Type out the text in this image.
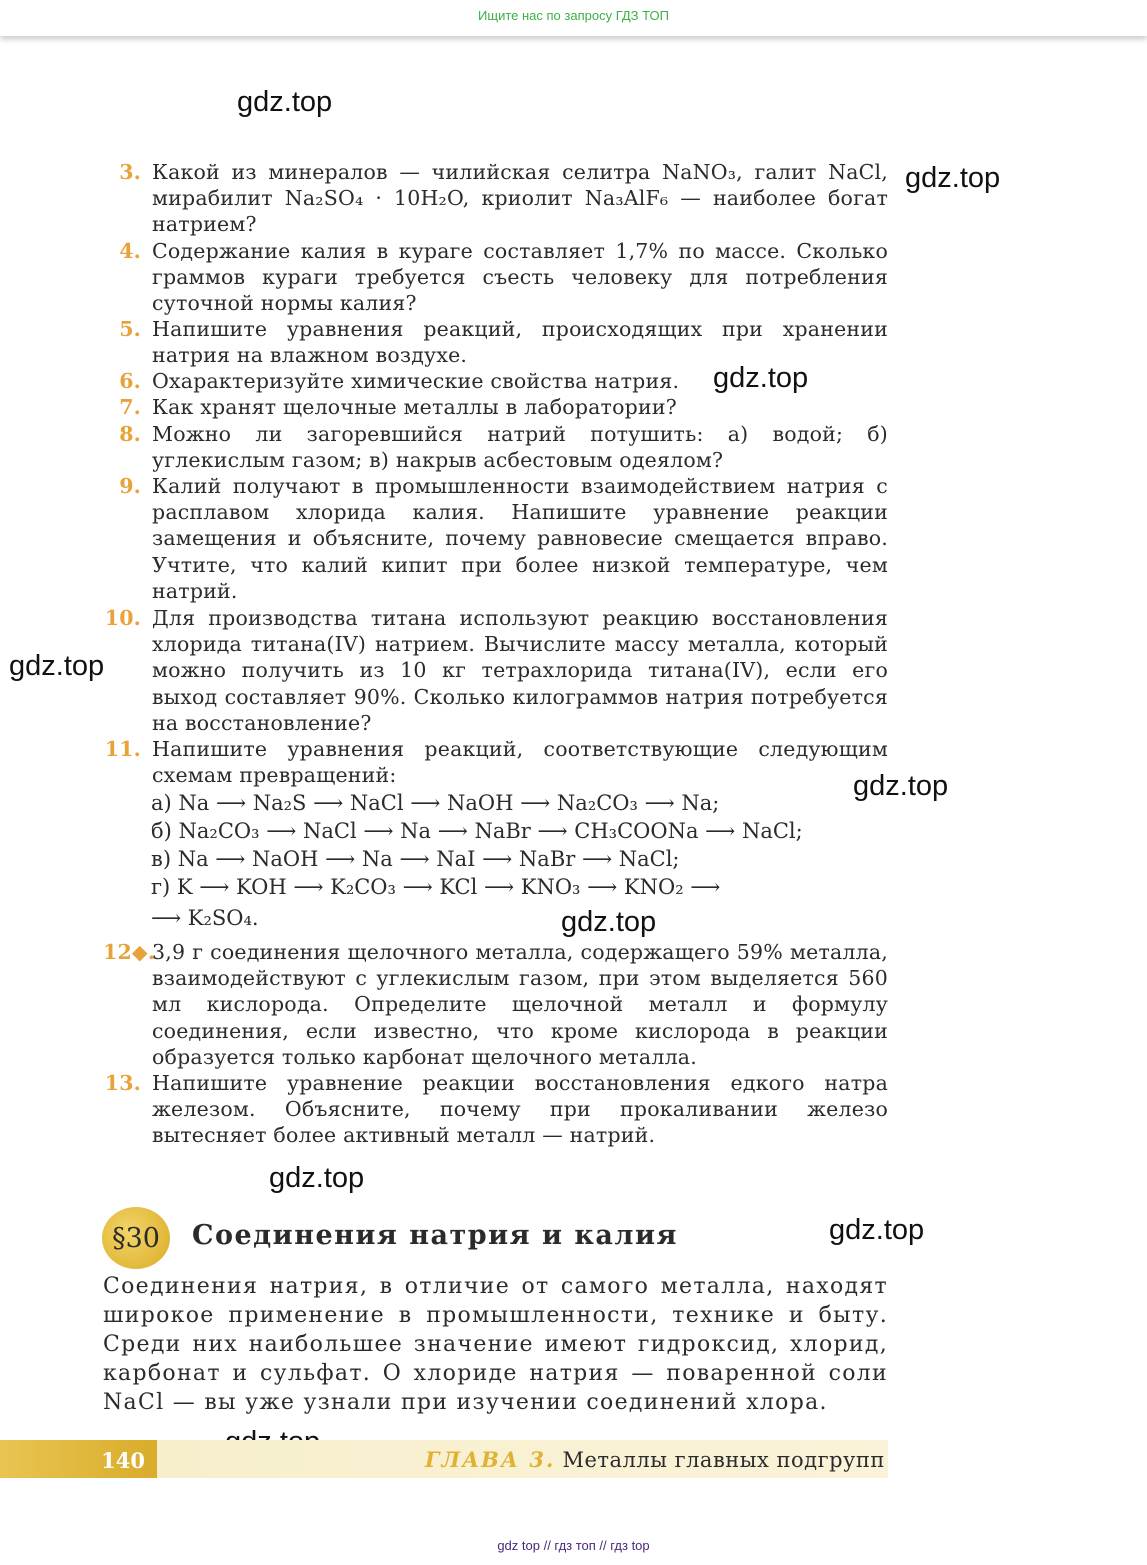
Ищите нас по запросу ГДЗ ТОП
gdz.top
gdz.top
gdz.top
gdz.top
gdz.top
gdz.top
gdz.top
gdz.top
3. Какой из минералов — чилийская селитра NaNO₃, галит NaCl, мирабилит Na₂SO₄ · 10H₂O, криолит Na₃AlF₆ — наиболее богат натрием?
4. Содержание калия в кураге составляет 1,7% по массе. Сколько граммов кураги требуется съесть человеку для потребления суточной нормы калия?
5. Напишите уравнения реакций, происходящих при хранении натрия на влажном воздухе.
6. Охарактеризуйте химические свойства натрия.
7. Как хранят щелочные металлы в лаборатории?
8. Можно ли загоревшийся натрий потушить: а) водой; б) углекислым газом; в) накрыв асбестовым одеялом?
9. Калий получают в промышленности взаимодействием натрия с расплавом хлорида калия. Напишите уравнение реакции замещения и объясните, почему равновесие смещается вправо. Учтите, что калий кипит при более низкой температуре, чем натрий.
10. Для производства титана используют реакцию восстановления хлорида титана(IV) натрием. Вычислите массу металла, который можно получить из 10 кг тетрахлорида титана(IV), если его выход составляет 90%. Сколько килограммов натрия потребуется на восстановление?
11. Напишите уравнения реакций, соответствующие следующим схемам превращений:
а) Na ⟶ Na₂S ⟶ NaCl ⟶ NaOH ⟶ Na₂CO₃ ⟶ Na;
б) Na₂CO₃ ⟶ NaCl ⟶ Na ⟶ NaBr ⟶ CH₃COONa ⟶ NaCl;
в) Na ⟶ NaOH ⟶ Na ⟶ NaI ⟶ NaBr ⟶ NaCl;
г) K ⟶ KOH ⟶ K₂CO₃ ⟶ KCl ⟶ KNO₃ ⟶ KNO₂ ⟶
⟶ K₂SO₄.
12◆.
3,9 г соединения щелочного металла, содержащего 59% металла, взаимодействуют с углекислым газом, при этом выделяется 560 мл кислорода. Определите щелочной металл и формулу соединения, если известно, что кроме кислорода в реакции образуется только карбонат щелочного металла.
13. Напишите уравнение реакции восстановления едкого натра железом. Объясните, почему при прокаливании железо вытесняет более активный металл — натрий.
§30 Соединения натрия и калия
Соединения натрия, в отличие от самого металла, находят широкое применение в промышленности, технике и быту. Среди них наибольшее значение имеют гидроксид, хлорид, карбонат и сульфат. О хлориде натрия — поваренной соли NaCl — вы уже узнали при изучении соединений хлора.
140	ГЛАВА 3. Металлы главных подгрупп
gdz top // гдз топ // гдз top
